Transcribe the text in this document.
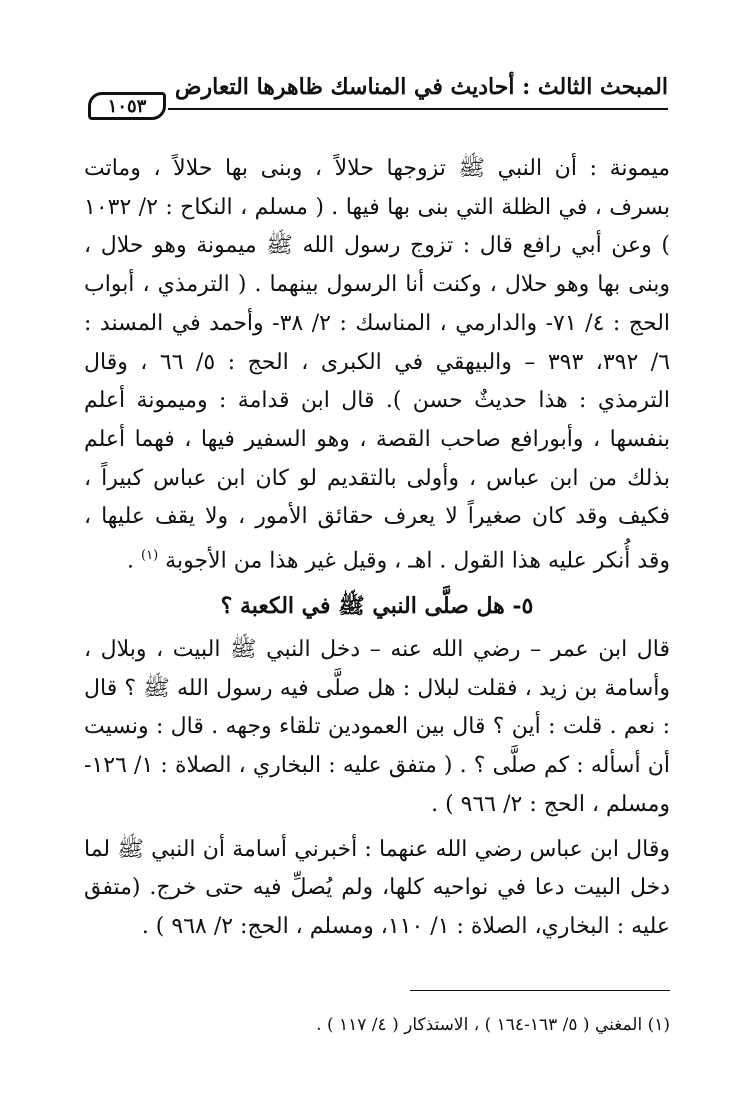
المبحث الثالث : أحاديث في المناسك ظاهرها التعارض
١٠٥٣

ميمونة : أن النبي ﷺ تزوجها حلالاً ، وبنى بها حلالاً ، وماتت بسرف ، في الظلة التي بنى بها فيها . ( مسلم ، النكاح : ٢/ ١٠٣٢ ) وعن أبي رافع قال : تزوج رسول الله ﷺ ميمونة وهو حلال ، وبنى بها وهو حلال ، وكنت أنا الرسول بينهما . ( الترمذي ، أبواب الحج : ٤/ ٧١- والدارمي ، المناسك : ٢/ ٣٨- وأحمد في المسند : ٦/ ٣٩٢، ٣٩٣ – والبيهقي في الكبرى ، الحج : ٥/ ٦٦ ، وقال الترمذي : هذا حديثٌ حسن ). قال ابن قدامة : وميمونة أعلم بنفسها ، وأبورافع صاحب القصة ، وهو السفير فيها ، فهما أعلم بذلك من ابن عباس ، وأولى بالتقديم لو كان ابن عباس كبيراً ، فكيف وقد كان صغيراً لا يعرف حقائق الأمور ، ولا يقف عليها ، وقد أُنكر عليه هذا القول . اهـ ، وقيل غير هذا من الأجوبة $^{(١)}$ .

٥- هل صلَّى النبي ﷺ في الكعبة ؟

قال ابن عمر – رضي الله عنه – دخل النبي ﷺ البيت ، وبلال ، وأسامة بن زيد ، فقلت لبلال : هل صلَّى فيه رسول الله ﷺ ؟ قال : نعم . قلت : أين ؟ قال بين العمودين تلقاء وجهه . قال : ونسيت أن أسأله : كم صلَّى ؟ . ( متفق عليه : البخاري ، الصلاة : ١/ ١٢٦- ومسلم ، الحج : ٢/ ٩٦٦ ) .

وقال ابن عباس رضي الله عنهما : أخبرني أسامة أن النبي ﷺ لما دخل البيت دعا في نواحيه كلها، ولم يُصلِّ فيه حتى خرج. (متفق عليه : البخاري، الصلاة : ١/ ١١٠، ومسلم ، الحج: ٢/ ٩٦٨ ) .

(١) المغني ( ٥/ ١٦٣-١٦٤ ) ، الاستذكار ( ٤/ ١١٧ ) .
